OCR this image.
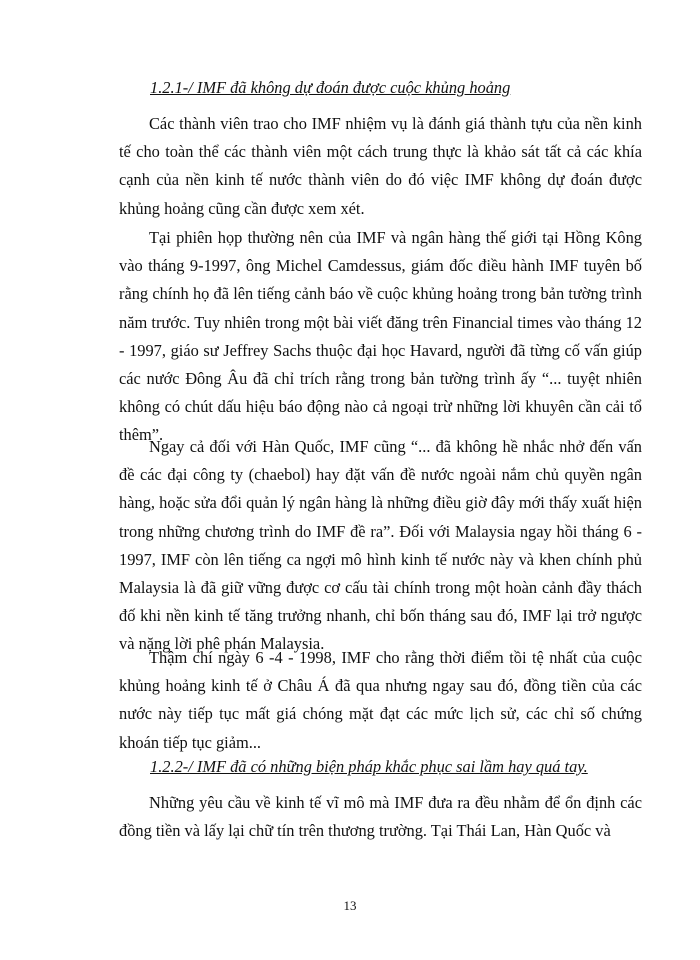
1.2.1-/ IMF đã không dự đoán được cuộc khủng hoảng

Các thành viên trao cho IMF nhiệm vụ là đánh giá thành tựu của nền kinh tế cho toàn thể các thành viên một cách trung thực là khảo sát tất cả các khía cạnh của nền kinh tế nước thành viên do đó việc IMF không dự đoán được khủng hoảng cũng cần được xem xét.

Tại phiên họp thường nên của IMF và ngân hàng thế giới tại Hồng Kông vào tháng 9-1997, ông Michel Camdessus, giám đốc điều hành IMF tuyên bố rằng chính họ đã lên tiếng cảnh báo về cuộc khủng hoảng trong bản tường trình năm trước. Tuy nhiên trong một bài viết đăng trên Financial times vào tháng 12 - 1997, giáo sư Jeffrey Sachs thuộc đại học Havard, người đã từng cố vấn giúp các nước Đông Âu đã chỉ trích rằng trong bản tường trình ấy “... tuyệt nhiên không có chút dấu hiệu báo động nào cả ngoại trừ những lời khuyên cần cải tổ thêm”.

Ngay cả đối với Hàn Quốc, IMF cũng “... đã không hề nhắc nhở đến vấn đề các đại công ty (chaebol) hay đặt vấn đề nước ngoài nắm chủ quyền ngân hàng, hoặc sửa đổi quản lý ngân hàng là những điều giờ đây mới thấy xuất hiện trong những chương trình do IMF đề ra”. Đối với Malaysia ngay hồi tháng 6 - 1997, IMF còn lên tiếng ca ngợi mô hình kinh tế nước này và khen chính phủ Malaysia là đã giữ vững được cơ cấu tài chính trong một hoàn cảnh đầy thách đố khi nền kinh tế tăng trưởng nhanh, chỉ bốn tháng sau đó, IMF lại trở ngược và nặng lời phê phán Malaysia.

Thậm chí ngày 6 -4 - 1998, IMF cho rằng thời điểm tồi tệ nhất của cuộc khủng hoảng kinh tế ở Châu Á đã qua nhưng ngay sau đó, đồng tiền của các nước này tiếp tục mất giá chóng mặt đạt các mức lịch sử, các chỉ số chứng khoán tiếp tục giảm...

1.2.2-/ IMF đã có những biện pháp khắc phục sai lầm hay quá tay.

Những yêu cầu về kinh tế vĩ mô mà IMF đưa ra đều nhằm để ổn định các đồng tiền và lấy lại chữ tín trên thương trường. Tại Thái Lan, Hàn Quốc và

13
